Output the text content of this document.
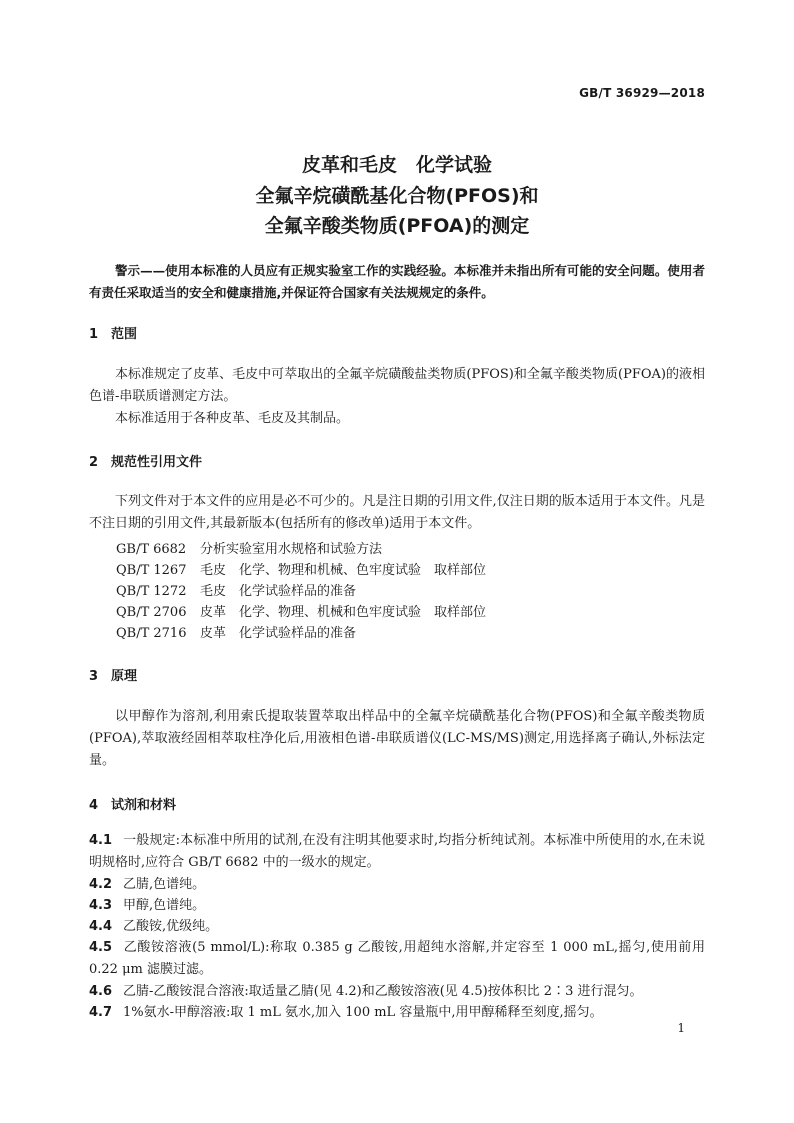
GB/T 36929—2018
皮革和毛皮　化学试验
全氟辛烷磺酰基化合物(PFOS)和
全氟辛酸类物质(PFOA)的测定

警示——使用本标准的人员应有正规实验室工作的实践经验。本标准并未指出所有可能的安全问题。使用者有责任采取适当的安全和健康措施,并保证符合国家有关法规规定的条件。

1 范围

本标准规定了皮革、毛皮中可萃取出的全氟辛烷磺酸盐类物质(PFOS)和全氟辛酸类物质(PFOA)的液相色谱-串联质谱测定方法。

本标准适用于各种皮革、毛皮及其制品。

2 规范性引用文件

下列文件对于本文件的应用是必不可少的。凡是注日期的引用文件,仅注日期的版本适用于本文件。凡是不注日期的引用文件,其最新版本(包括所有的修改单)适用于本文件。

GB/T 6682 分析实验室用水规格和试验方法
QB/T 1267 毛皮　化学、物理和机械、色牢度试验　取样部位
QB/T 1272 毛皮　化学试验样品的准备
QB/T 2706 皮革　化学、物理、机械和色牢度试验　取样部位
QB/T 2716 皮革　化学试验样品的准备
3 原理

以甲醇作为溶剂,利用索氏提取装置萃取出样品中的全氟辛烷磺酰基化合物(PFOS)和全氟辛酸类物质(PFOA),萃取液经固相萃取柱净化后,用液相色谱-串联质谱仪(LC-MS/MS)测定,用选择离子确认,外标法定量。

4 试剂和材料

4.1 一般规定:本标准中所用的试剂,在没有注明其他要求时,均指分析纯试剂。本标准中所使用的水,在未说明规格时,应符合 GB/T 6682 中的一级水的规定。

4.2 乙腈,色谱纯。

4.3 甲醇,色谱纯。

4.4 乙酸铵,优级纯。

4.5 乙酸铵溶液(5 mmol/L):称取 0.385 g 乙酸铵,用超纯水溶解,并定容至 1 000 mL,摇匀,使用前用 0.22 μm 滤膜过滤。

4.6 乙腈-乙酸铵混合溶液:取适量乙腈(见 4.2)和乙酸铵溶液(见 4.5)按体积比 2∶3 进行混匀。

4.7 1%氨水-甲醇溶液:取 1 mL 氨水,加入 100 mL 容量瓶中,用甲醇稀释至刻度,摇匀。

1
